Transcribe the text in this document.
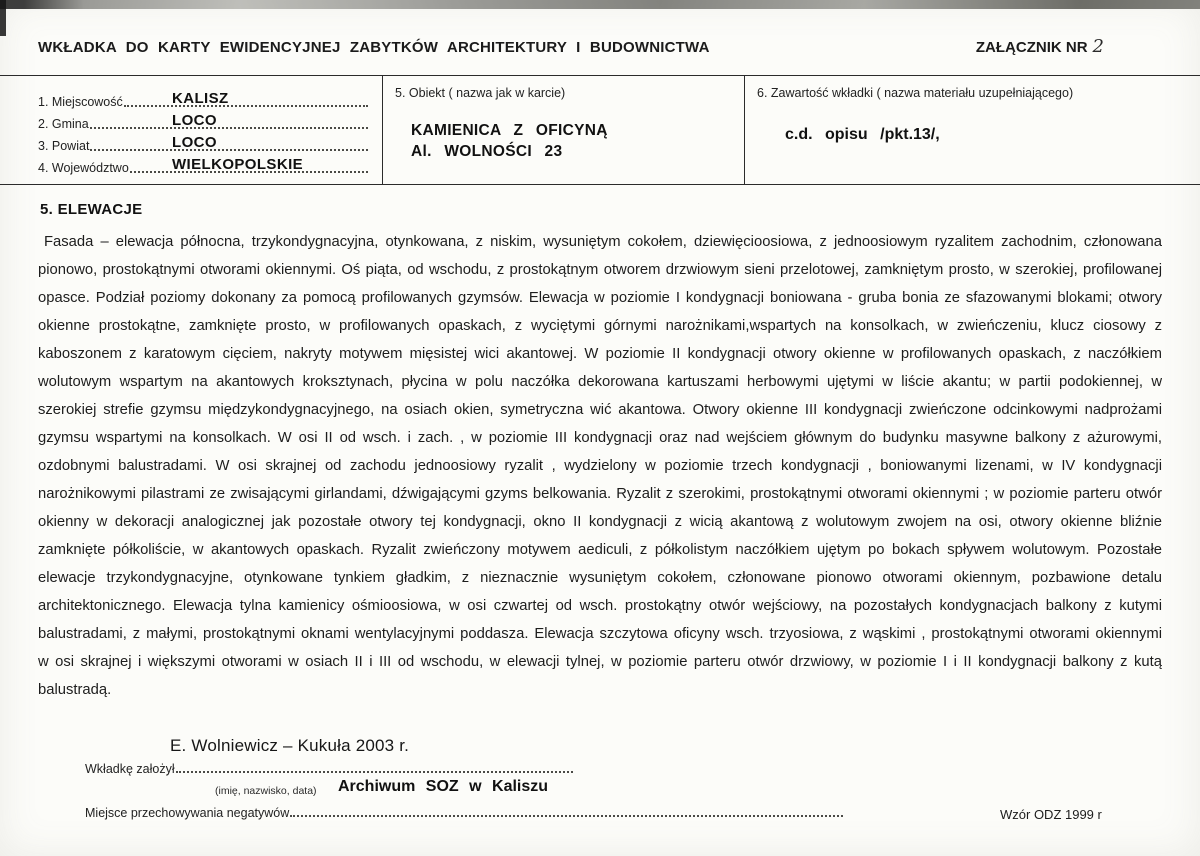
WKŁADKA DO KARTY EWIDENCYJNEJ ZABYTKÓW ARCHITEKTURY I BUDOWNICTWA	ZAŁĄCZNIK NR 2
1. Miejscowość	KALISZ
2. Gmina	LOCO
3. Powiat	LOCO
4. Województwo	WIELKOPOLSKIE
5. Obiekt ( nazwa jak w karcie)
KAMIENICA Z OFICYNĄ
Al. WOLNOŚCI 23
6. Zawartość wkładki ( nazwa materiału uzupełniającego)
c.d. opisu /pkt.13/,
5. ELEWACJE

Fasada – elewacja północna, trzykondygnacyjna, otynkowana, z niskim, wysuniętym cokołem, dziewięcioosiowa, z jednoosiowym ryzalitem zachodnim, członowana pionowo, prostokątnymi otworami okiennymi. Oś piąta, od wschodu, z prostokątnym otworem drzwiowym sieni przelotowej, zamkniętym prosto, w szerokiej, profilowanej opasce. Podział poziomy dokonany za pomocą profilowanych gzymsów. Elewacja w poziomie I kondygnacji boniowana - gruba bonia ze sfazowanymi blokami; otwory okienne prostokątne, zamknięte prosto, w profilowanych opaskach, z wyciętymi górnymi narożnikami,wspartych na konsolkach, w zwieńczeniu, klucz ciosowy z kaboszonem z karatowym cięciem, nakryty motywem mięsistej wici akantowej. W poziomie II kondygnacji otwory okienne w profilowanych opaskach, z naczółkiem wolutowym wspartym na akantowych kroksztynach, płycina w polu naczółka dekorowana kartuszami herbowymi ujętymi w liście akantu; w partii podokiennej, w szerokiej strefie gzymsu międzykondygnacyjnego, na osiach okien, symetryczna wić akantowa. Otwory okienne III kondygnacji zwieńczone odcinkowymi nadprożami gzymsu wspartymi na konsolkach. W osi II od wsch. i zach. , w poziomie III kondygnacji oraz nad wejściem głównym do budynku masywne balkony z ażurowymi, ozdobnymi balustradami. W osi skrajnej od zachodu jednoosiowy ryzalit , wydzielony w poziomie trzech kondygnacji , boniowanymi lizenami, w IV kondygnacji narożnikowymi pilastrami ze zwisającymi girlandami, dźwigającymi gzyms belkowania. Ryzalit z szerokimi, prostokątnymi otworami okiennymi ; w poziomie parteru otwór okienny w dekoracji analogicznej jak pozostałe otwory tej kondygnacji, okno II kondygnacji z wicią akantową z wolutowym zwojem na osi, otwory okienne bliźnie zamknięte półkoliście, w akantowych opaskach. Ryzalit zwieńczony motywem aediculi, z półkolistym naczółkiem ujętym po bokach spływem wolutowym. Pozostałe elewacje trzykondygnacyjne, otynkowane tynkiem gładkim, z nieznacznie wysuniętym cokołem, członowane pionowo otworami okiennym, pozbawione detalu architektonicznego. Elewacja tylna kamienicy ośmioosiowa, w osi czwartej od wsch. prostokątny otwór wejściowy, na pozostałych kondygnacjach balkony z kutymi balustradami, z małymi, prostokątnymi oknami wentylacyjnymi poddasza. Elewacja szczytowa oficyny wsch. trzyosiowa, z wąskimi , prostokątnymi otworami okiennymi w osi skrajnej i większymi otworami w osiach II i III od wschodu, w elewacji tylnej, w poziomie parteru otwór drzwiowy, w poziomie I i II kondygnacji balkony z kutą balustradą.

E. Wolniewicz – Kukuła 2003 r.
Wkładkę założył
(imię, nazwisko, data) Archiwum SOZ w Kaliszu
Miejsce przechowywania negatywów	Wzór ODZ 1999 r
